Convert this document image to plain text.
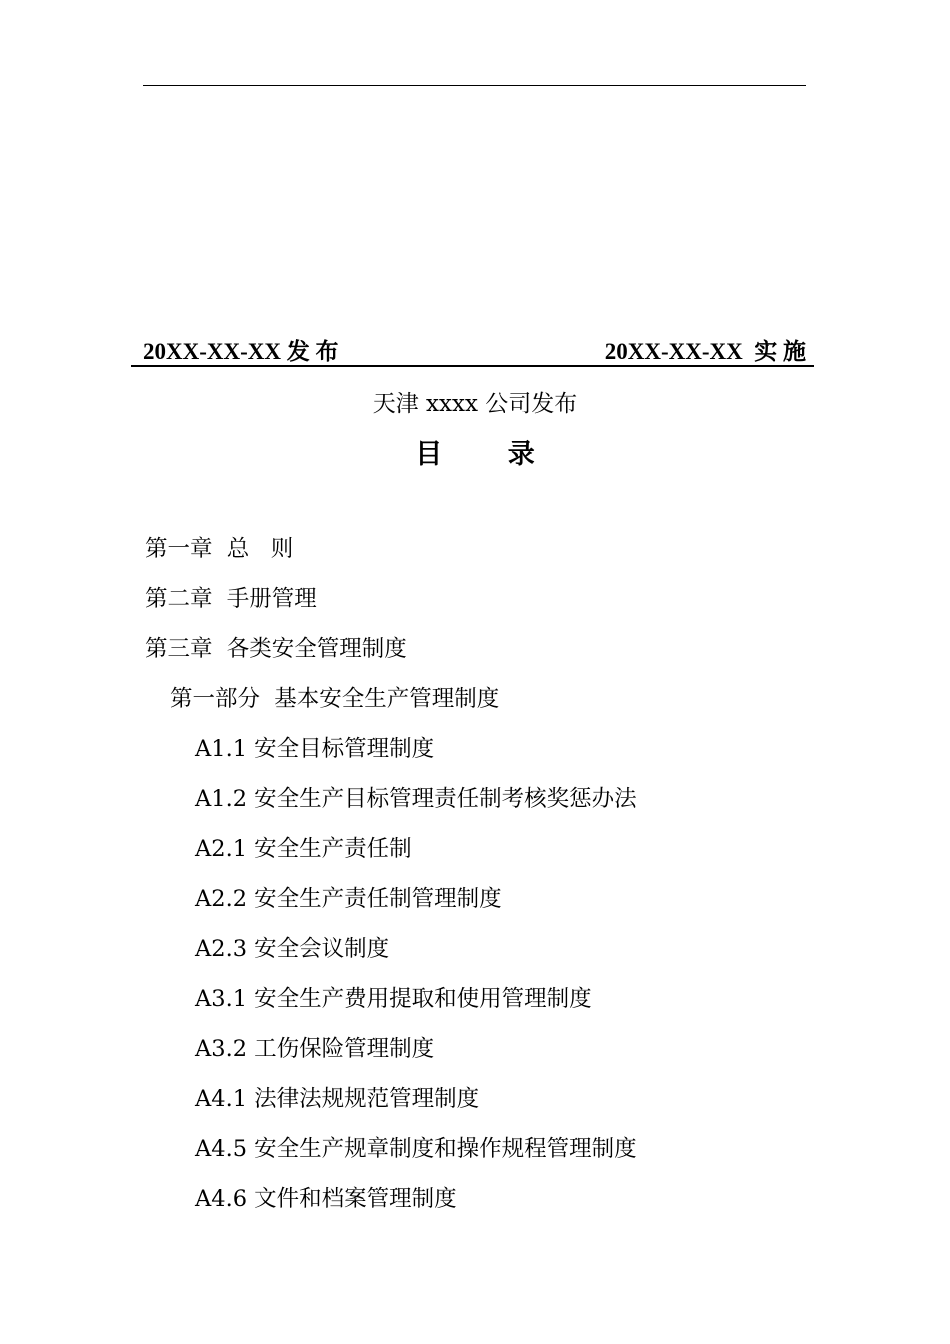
20XX-XX-XX 发 布	20XX-XX-XX  实 施
天津 xxxx 公司发布
目 录
第一章  总   则
第二章  手册管理
第三章  各类安全管理制度
第一部分  基本安全生产管理制度
A1.1 安全目标管理制度
A1.2 安全生产目标管理责任制考核奖惩办法
A2.1 安全生产责任制
A2.2 安全生产责任制管理制度
A2.3 安全会议制度
A3.1 安全生产费用提取和使用管理制度
A3.2 工伤保险管理制度
A4.1 法律法规规范管理制度
A4.5 安全生产规章制度和操作规程管理制度
A4.6 文件和档案管理制度
